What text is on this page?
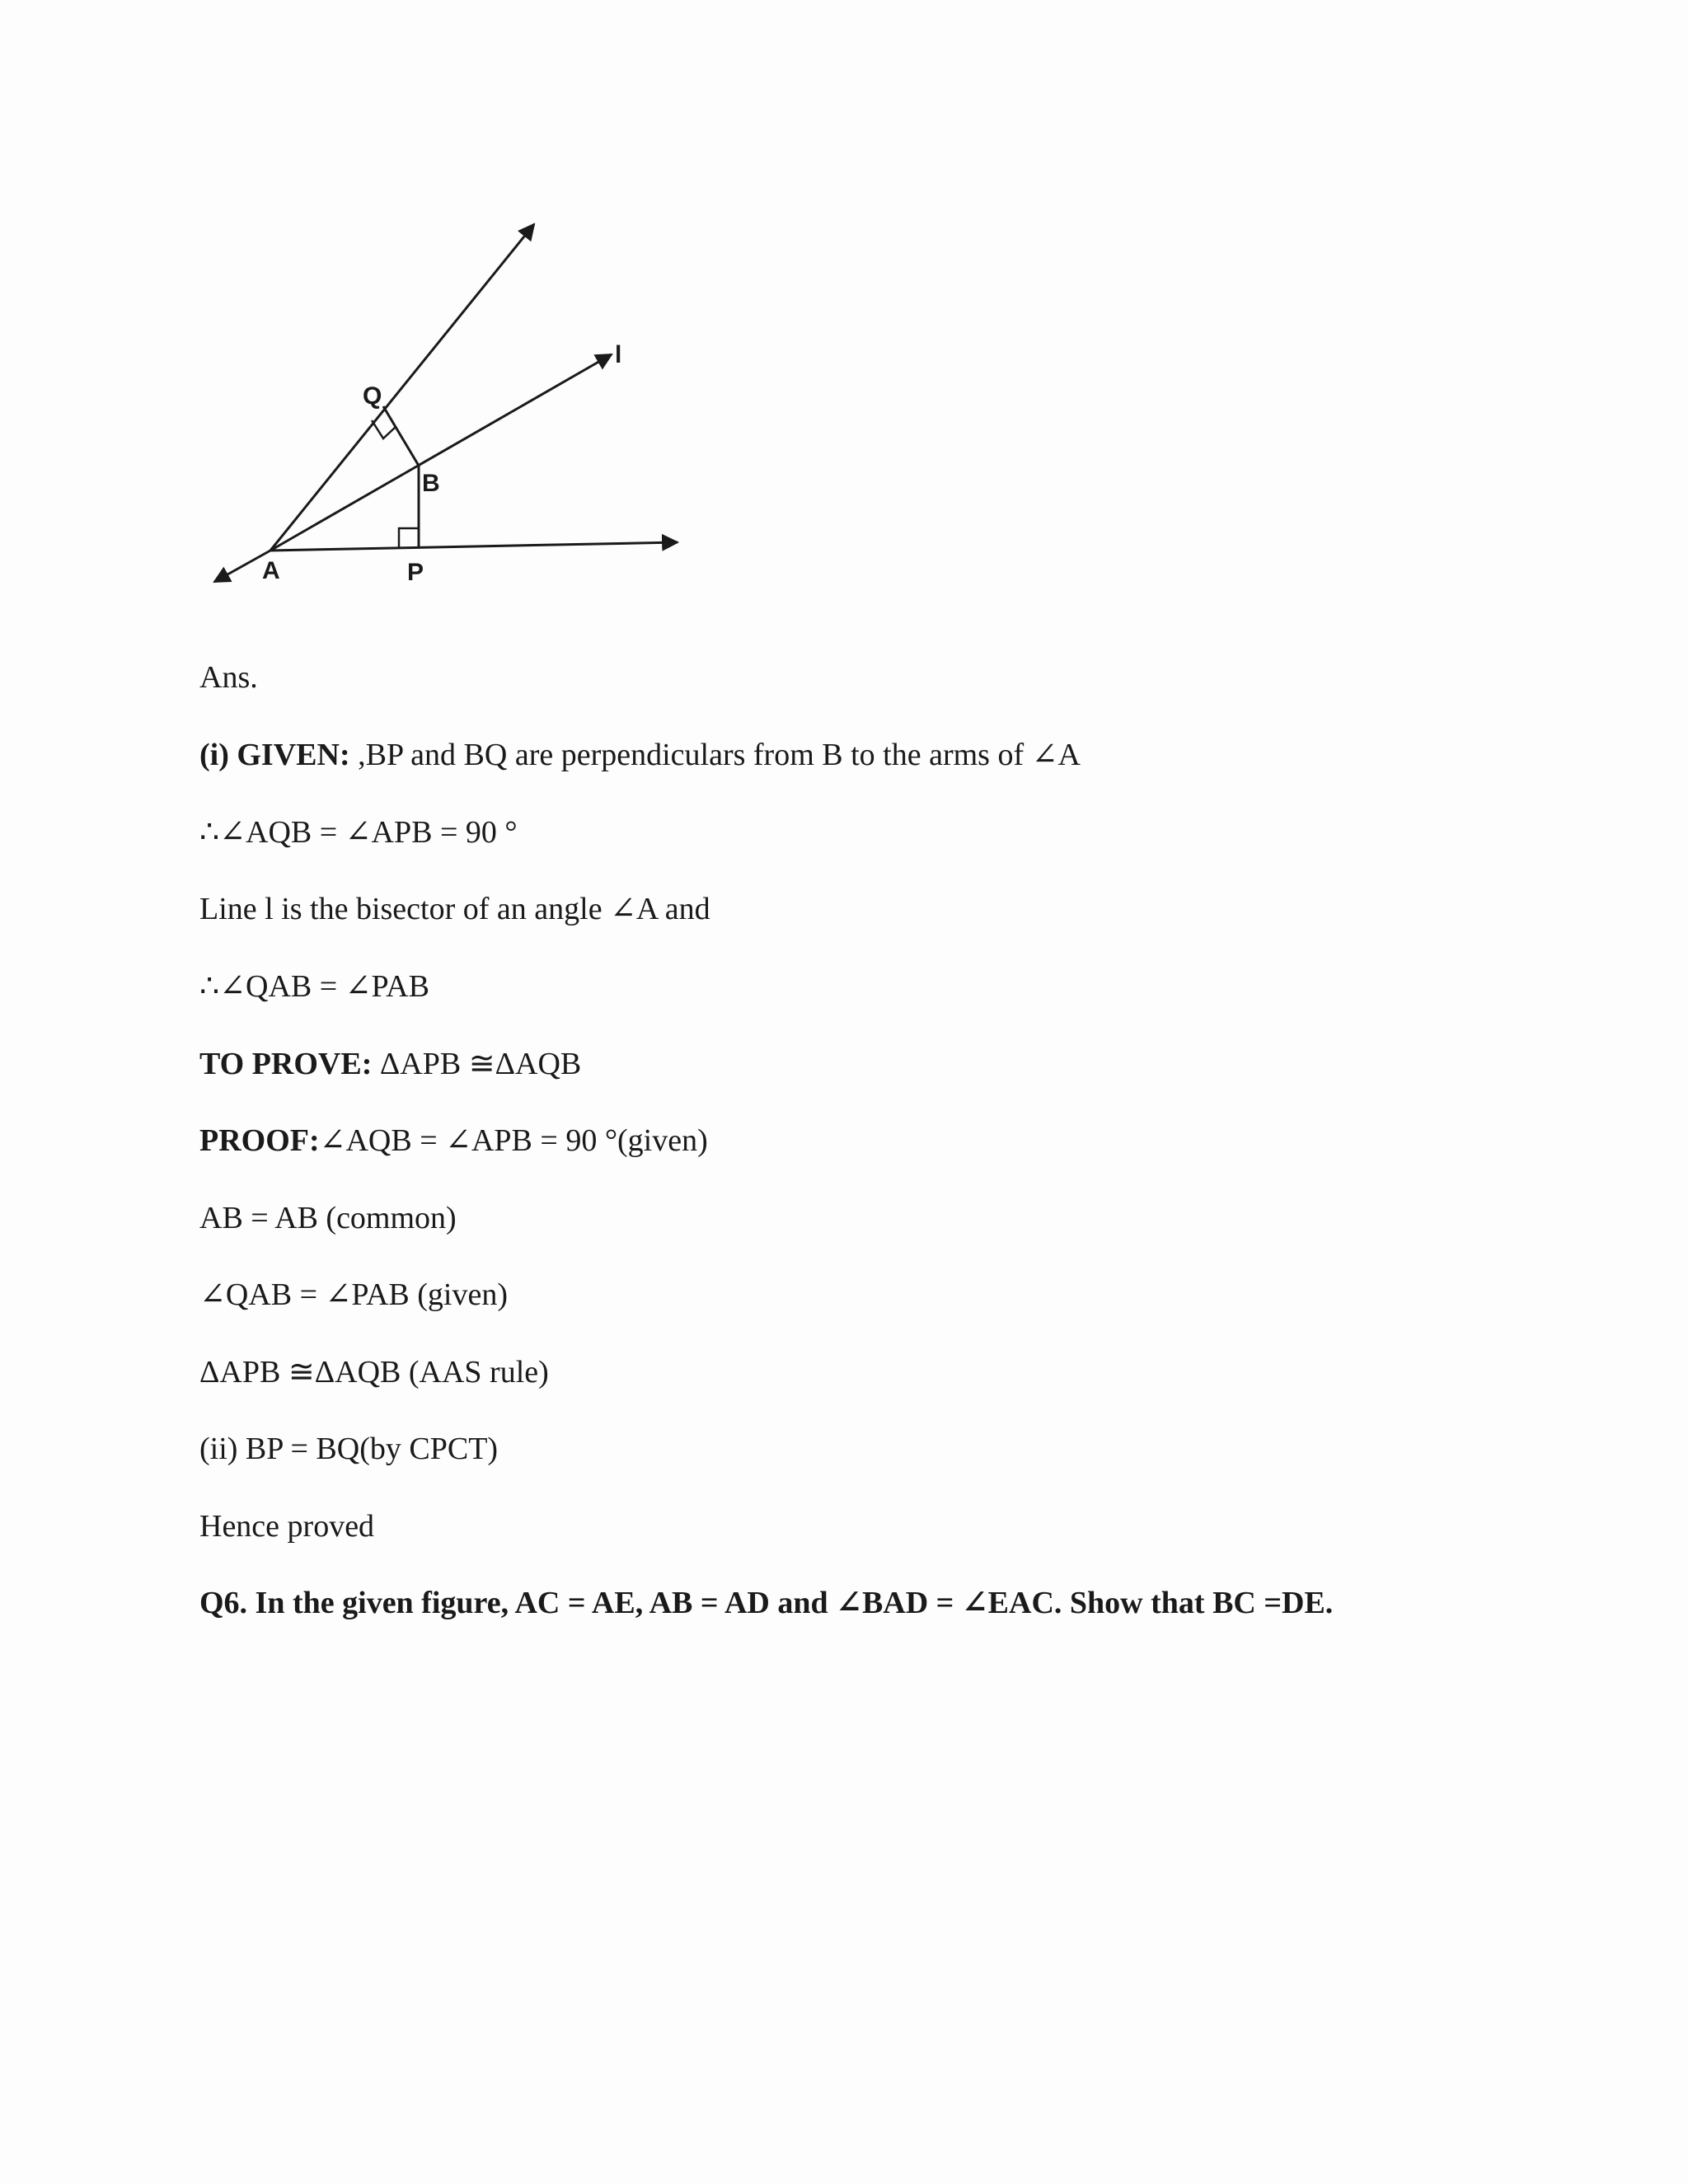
A	P
B
Q
l
Ans.
(i) GIVEN: ,BP and BQ are perpendiculars from B to the arms of ∠A
∴∠AQB = ∠APB = 90 °
Line l is the bisector of an angle ∠A and
∴∠QAB = ∠PAB
TO PROVE: ΔAPB ≅ΔAQB
PROOF:∠AQB = ∠APB = 90 °(given)
AB = AB (common)
∠QAB = ∠PAB (given)
ΔAPB ≅ΔAQB (AAS rule)
(ii) BP = BQ(by CPCT)
Hence proved
Q6. In the given figure, AC = AE, AB = AD and ∠BAD = ∠EAC. Show that BC =DE.
